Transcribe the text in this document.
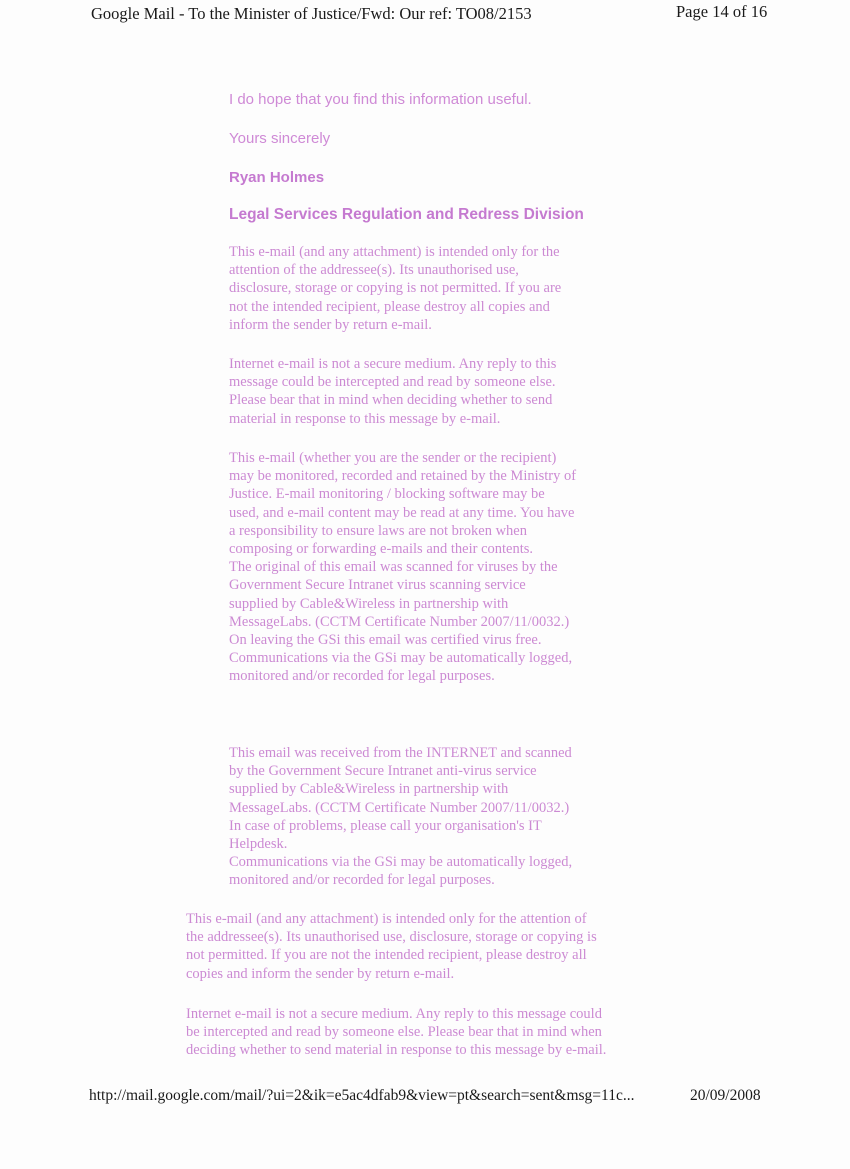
Google Mail - To the Minister of Justice/Fwd: Our ref: TO08/2153	Page 14 of 16
I do hope that you find this information useful.
Yours sincerely
Ryan Holmes
Legal Services Regulation and Redress Division
This e-mail (and any attachment) is intended only for the
attention of the addressee(s). Its unauthorised use,
disclosure, storage or copying is not permitted. If you are
not the intended recipient, please destroy all copies and
inform the sender by return e-mail.
Internet e-mail is not a secure medium. Any reply to this
message could be intercepted and read by someone else.
Please bear that in mind when deciding whether to send
material in response to this message by e-mail.
This e-mail (whether you are the sender or the recipient)
may be monitored, recorded and retained by the Ministry of
Justice. E-mail monitoring / blocking software may be
used, and e-mail content may be read at any time. You have
a responsibility to ensure laws are not broken when
composing or forwarding e-mails and their contents.
The original of this email was scanned for viruses by the
Government Secure Intranet virus scanning service
supplied by Cable&Wireless in partnership with
MessageLabs. (CCTM Certificate Number 2007/11/0032.)
On leaving the GSi this email was certified virus free.
Communications via the GSi may be automatically logged,
monitored and/or recorded for legal purposes.
This email was received from the INTERNET and scanned
by the Government Secure Intranet anti-virus service
supplied by Cable&Wireless in partnership with
MessageLabs. (CCTM Certificate Number 2007/11/0032.)
In case of problems, please call your organisation's IT
Helpdesk.
Communications via the GSi may be automatically logged,
monitored and/or recorded for legal purposes.
This e-mail (and any attachment) is intended only for the attention of
the addressee(s). Its unauthorised use, disclosure, storage or copying is
not permitted. If you are not the intended recipient, please destroy all
copies and inform the sender by return e-mail.
Internet e-mail is not a secure medium. Any reply to this message could
be intercepted and read by someone else. Please bear that in mind when
deciding whether to send material in response to this message by e-mail.
http://mail.google.com/mail/?ui=2&ik=e5ac4dfab9&view=pt&search=sent&msg=11c...	20/09/2008
